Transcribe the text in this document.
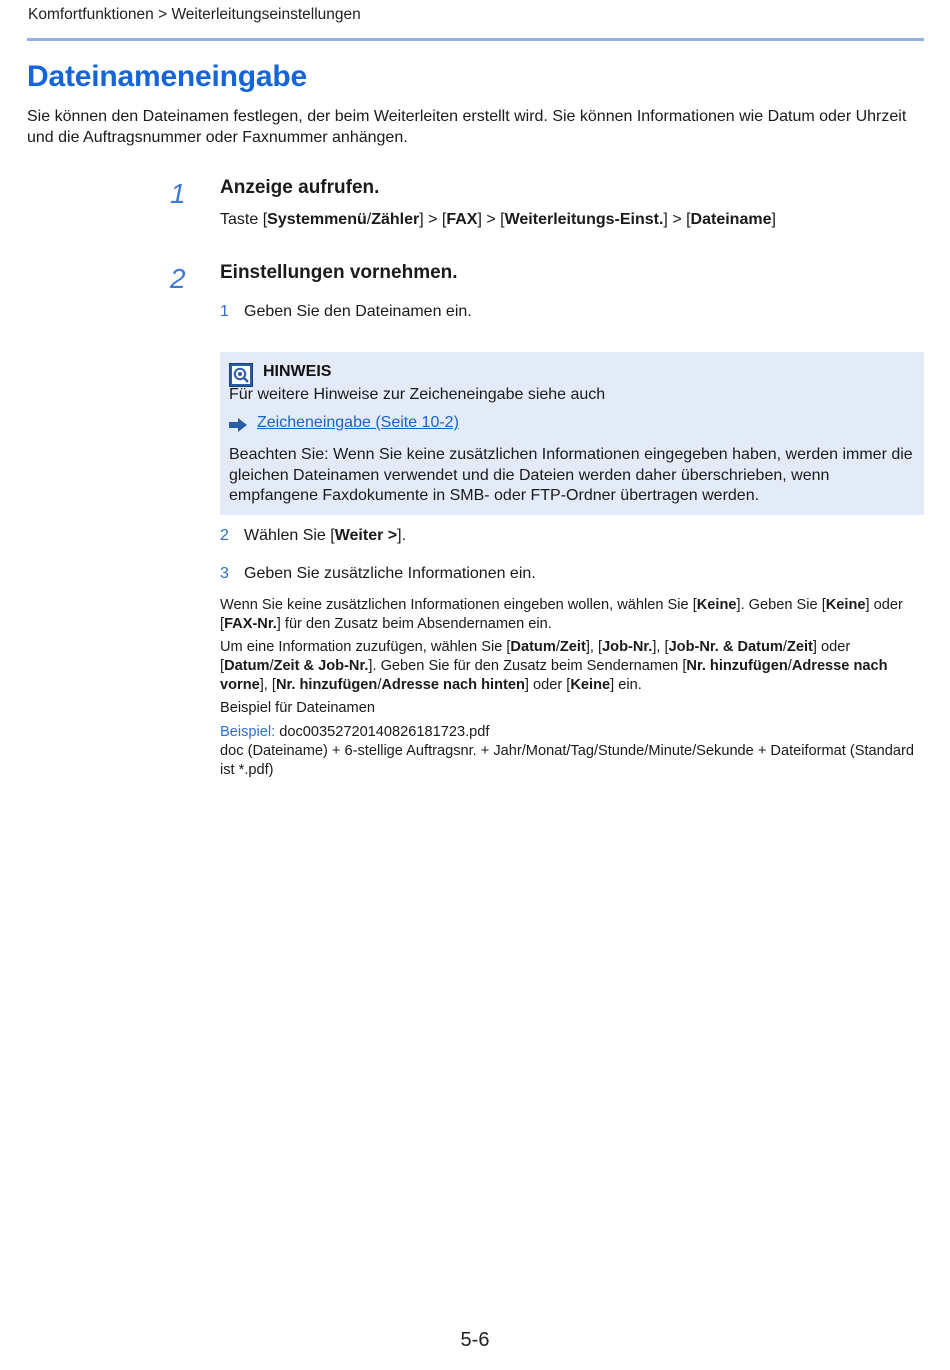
Komfortfunktionen > Weiterleitungseinstellungen
Dateinameneingabe

Sie können den Dateinamen festlegen, der beim Weiterleiten erstellt wird. Sie können Informationen wie Datum oder Uhrzeit und die Auftragsnummer oder Faxnummer anhängen.

1 Anzeige aufrufen.
Taste [Systemmenü/Zähler] > [FAX] > [Weiterleitungs-Einst.] > [Dateiname]
2 Einstellungen vornehmen.
1 Geben Sie den Dateinamen ein.
HINWEIS
Für weitere Hinweise zur Zeicheneingabe siehe auch
Zeicheneingabe (Seite 10-2)

Beachten Sie: Wenn Sie keine zusätzlichen Informationen eingegeben haben, werden immer die gleichen Dateinamen verwendet und die Dateien werden daher überschrieben, wenn empfangene Faxdokumente in SMB- oder FTP-Ordner übertragen werden.

2 Wählen Sie [Weiter >].
3 Geben Sie zusätzliche Informationen ein.

Wenn Sie keine zusätzlichen Informationen eingeben wollen, wählen Sie [Keine]. Geben Sie [Keine] oder [FAX-Nr.] für den Zusatz beim Absendernamen ein.

Um eine Information zuzufügen, wählen Sie [Datum/Zeit], [Job-Nr.], [Job-Nr. & Datum/Zeit] oder [Datum/Zeit & Job-Nr.]. Geben Sie für den Zusatz beim Sendernamen [Nr. hinzufügen/Adresse nach vorne], [Nr. hinzufügen/Adresse nach hinten] oder [Keine] ein.

Beispiel für Dateinamen

Beispiel: doc00352720140826181723.pdf

doc (Dateiname) + 6-stellige Auftragsnr. + Jahr/Monat/Tag/Stunde/Minute/Sekunde + Dateiformat (Standard ist *.pdf)

5-6
